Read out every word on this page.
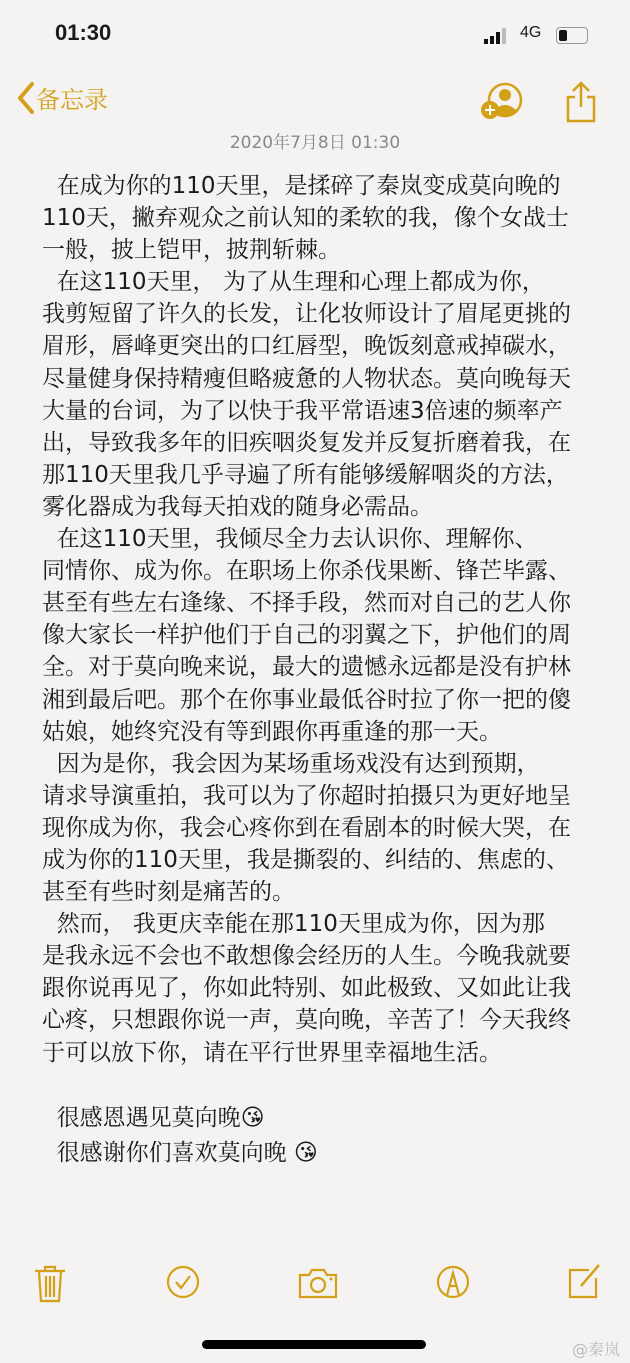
01:30	4G
备忘录
2020年7月8日 01:30
在成为你的110天里，是揉碎了秦岚变成莫向晚的
110天，撇弃观众之前认知的柔软的我，像个女战士
一般，披上铠甲，披荆斩棘。
在这110天里， 为了从生理和心理上都成为你，
我剪短留了许久的长发，让化妆师设计了眉尾更挑的
眉形，唇峰更突出的口红唇型，晚饭刻意戒掉碳水，
尽量健身保持精瘦但略疲惫的人物状态。莫向晚每天
大量的台词，为了以快于我平常语速3倍速的频率产
出，导致我多年的旧疾咽炎复发并反复折磨着我，在
那110天里我几乎寻遍了所有能够缓解咽炎的方法，
雾化器成为我每天拍戏的随身必需品。
在这110天里，我倾尽全力去认识你、理解你、
同情你、成为你。在职场上你杀伐果断、锋芒毕露、
甚至有些左右逢缘、不择手段，然而对自己的艺人你
像大家长一样护他们于自己的羽翼之下，护他们的周
全。对于莫向晚来说，最大的遗憾永远都是没有护林
湘到最后吧。那个在你事业最低谷时拉了你一把的傻
姑娘，她终究没有等到跟你再重逢的那一天。
因为是你，我会因为某场重场戏没有达到预期，
请求导演重拍，我可以为了你超时拍摄只为更好地呈
现你成为你，我会心疼你到在看剧本的时候大哭，在
成为你的110天里，我是撕裂的、纠结的、焦虑的、
甚至有些时刻是痛苦的。
然而， 我更庆幸能在那110天里成为你，因为那
是我永远不会也不敢想像会经历的人生。今晚我就要
跟你说再见了，你如此特别、如此极致、又如此让我
心疼，只想跟你说一声，莫向晚，辛苦了！今天我终
于可以放下你，请在平行世界里幸福地生活。
很感恩遇见莫向晚😘
很感谢你们喜欢莫向晚 😘
@秦岚
